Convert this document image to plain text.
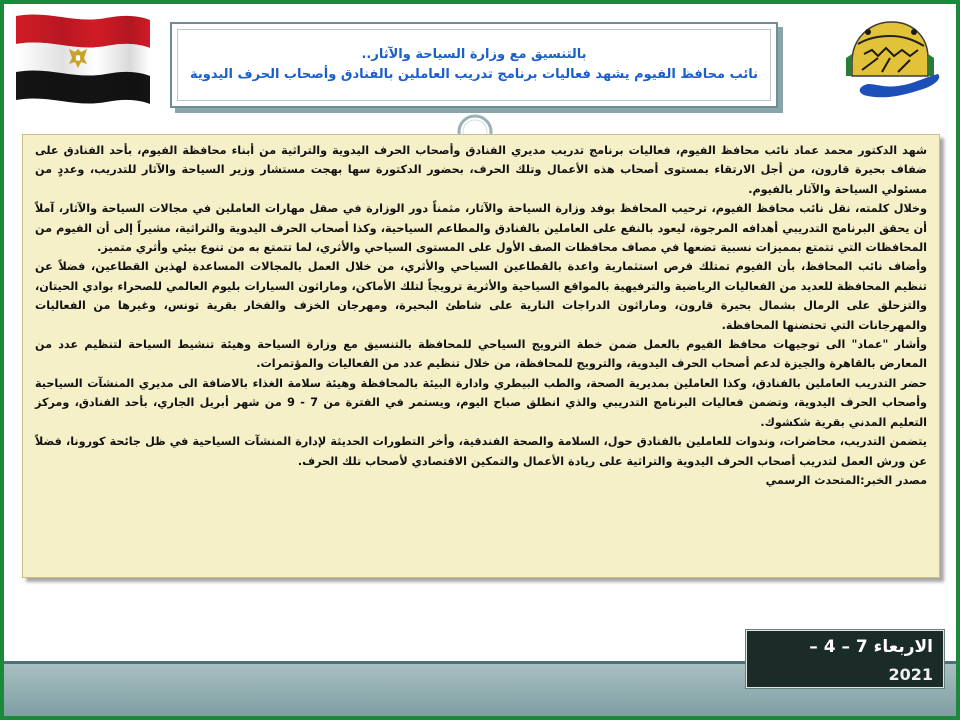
بالتنسيق مع وزارة السياحة والآثار..
نائب محافظ الفيوم يشهد فعاليات برنامج تدريب العاملين بالفنادق وأصحاب الحرف اليدوية

شهد الدكتور محمد عماد نائب محافظ الفيوم، فعاليات برنامج تدريب مديري الفنادق وأصحاب الحرف اليدوية والتراثية من أبناء محافظة الفيوم، بأحد الفنادق على ضفاف بحيرة قارون، من أجل الارتقاء بمستوى أصحاب هذه الأعمال وتلك الحرف، بحضور الدكتورة سها بهجت مستشار وزير السياحة والآثار للتدريب، وعددٍ من مسئولي السياحة والآثار بالفيوم.

وخلال كلمته، نقل نائب محافظ الفيوم، ترحيب المحافظ بوفد وزارة السياحة والآثار، مثمناً دور الوزارة في صقل مهارات العاملين في مجالات السياحة والآثار، آملاً أن يحقق البرنامج التدريبي أهدافه المرجوة، ليعود بالنفع على العاملين بالفنادق والمطاعم السياحية، وكذا أصحاب الحرف اليدوية والتراثية، مشيراً إلى أن الفيوم من المحافظات التي تتمتع بمميزات نسبية تضعها في مصاف محافظات الصف الأول على المستوى السياحي والأثري، لما تتمتع به من تنوع بيئي وأثري متميز.

وأضاف نائب المحافظ، بأن الفيوم تمتلك فرص استثمارية واعدة بالقطاعين السياحي والأثري، من خلال العمل بالمجالات المساعدة لهذين القطاعين، فضلاً عن تنظيم المحافظة للعديد من الفعاليات الرياضية والترفيهية بالمواقع السياحية والأثرية ترويجاً لتلك الأماكن، وماراثون السيارات بليوم العالمي للصحراء بوادي الحيتان، والتزحلق على الرمال بشمال بحيرة قارون، وماراثون الدراجات النارية على شاطئ البحيرة، ومهرجان الخزف والفخار بقرية تونس، وغيرها من الفعاليات والمهرجانات التي تحتضنها المحافظة.

وأشار "عماد" الى توجيهات محافظ الفيوم بالعمل ضمن خطة الترويج السياحي للمحافظة بالتنسيق مع وزارة السياحة وهيئة تنشيط السياحة لتنظيم عدد من المعارض بالقاهرة والجيزة لدعم أصحاب الحرف اليدوية، والترويج للمحافظة، من خلال تنظيم عدد من الفعاليات والمؤتمرات.

حضر التدريب العاملين بالفنادق، وكذا العاملين بمديرية الصحة، والطب البيطري وادارة البيئة بالمحافظة وهيئة سلامة الغذاء بالاضافة الى مديري المنشآت السياحية وأصحاب الحرف اليدوية، وتضمن فعاليات البرنامج التدريبي والذي انطلق صباح اليوم، ويستمر في الفترة من 7 - 9 من شهر أبريل الجاري، بأحد الفنادق، ومركز التعليم المدني بقرية شكشوك.

يتضمن التدريب، محاضرات، وندوات للعاملين بالفنادق حول، السلامة والصحة الفندقية، وأخر التطورات الحديثة لإدارة المنشآت السياحية في ظل جائحة كورونا، فضلاً عن ورش العمل لتدريب أصحاب الحرف اليدوية والتراثية على ريادة الأعمال والتمكين الاقتصادي لأصحاب تلك الحرف.

مصدر الخبر:المتحدث الرسمي

الاربعاء 7 – 4 –
2021
